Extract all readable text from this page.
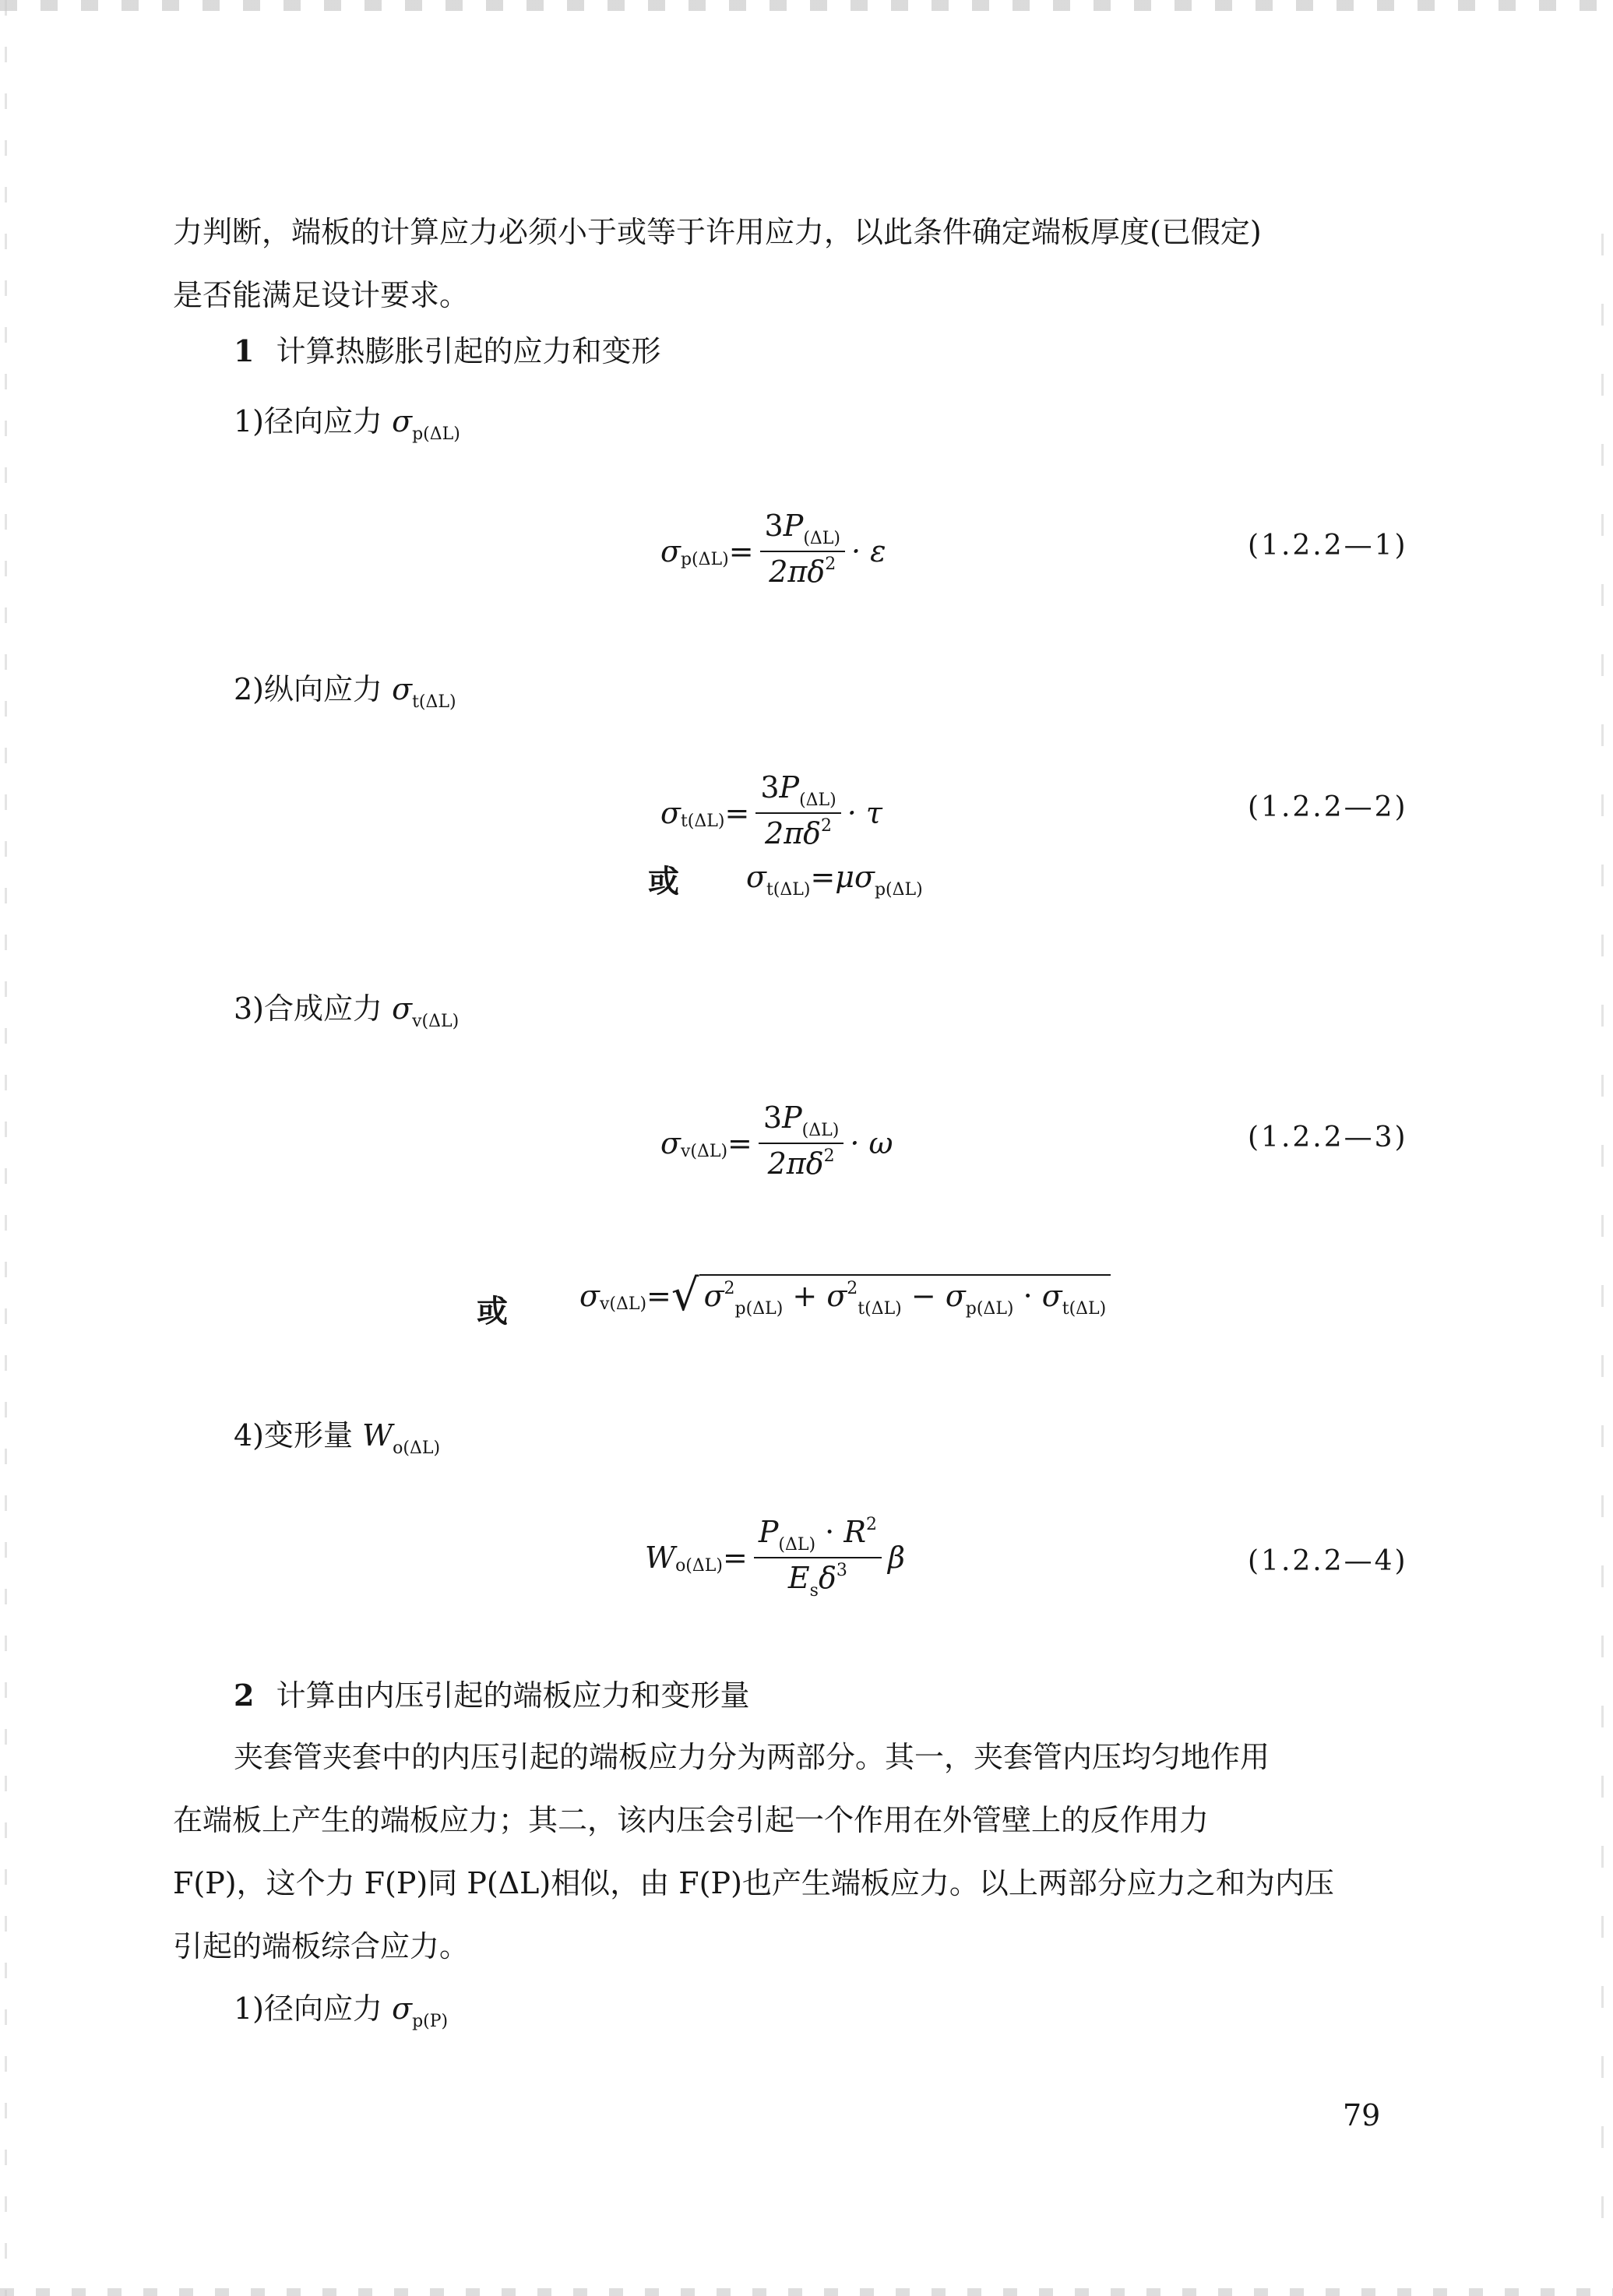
力判断，端板的计算应力必须小于或等于许用应力，以此条件确定端板厚度(已假定)
是否能满足设计要求。

1 计算热膨胀引起的应力和变形

1)径向应力 $\sigma_{p(\Delta L)}$

σ $p(\Delta L) = \frac{3P_{(\Delta L)}}{2\pi\delta^2} \cdot \varepsilon$	(1.2.2—1)

2)纵向应力 $\sigma_{t(\Delta L)}$

σ $t(\Delta L) = \frac{3P_{(\Delta L)}}{2\pi\delta^2} \cdot \tau$	(1.2.2—2)
或 $\sigma_{t(\Delta L)}=\mu\sigma_{p(\Delta L)}$

3)合成应力 $\sigma_{v(\Delta L)}$

σ $v(\Delta L) = \frac{3P_{(\Delta L)}}{2\pi\delta^2} \cdot \omega$	(1.2.2—3)
或 σ v(ΔL) = √ $\sigma^2_{p(\Delta L)} + \sigma^2_{t(\Delta L)} - \sigma_{p(\Delta L)} \cdot \sigma_{t(\Delta L)}$

4)变形量 $W_{o(\Delta L)}$

W $o(\Delta L) = \frac{P_{(\Delta L)} \cdot R^2}{E_s\delta^3}$ β	(1.2.2—4)

2 计算由内压引起的端板应力和变形量

夹套管夹套中的内压引起的端板应力分为两部分。其一，夹套管内压均匀地作用
在端板上产生的端板应力；其二，该内压会引起一个作用在外管壁上的反作用力
F(P)，这个力 F(P)同 P(ΔL)相似，由 F(P)也产生端板应力。以上两部分应力之和为内压
引起的端板综合应力。

1)径向应力 $\sigma_{p(P)}$

79
